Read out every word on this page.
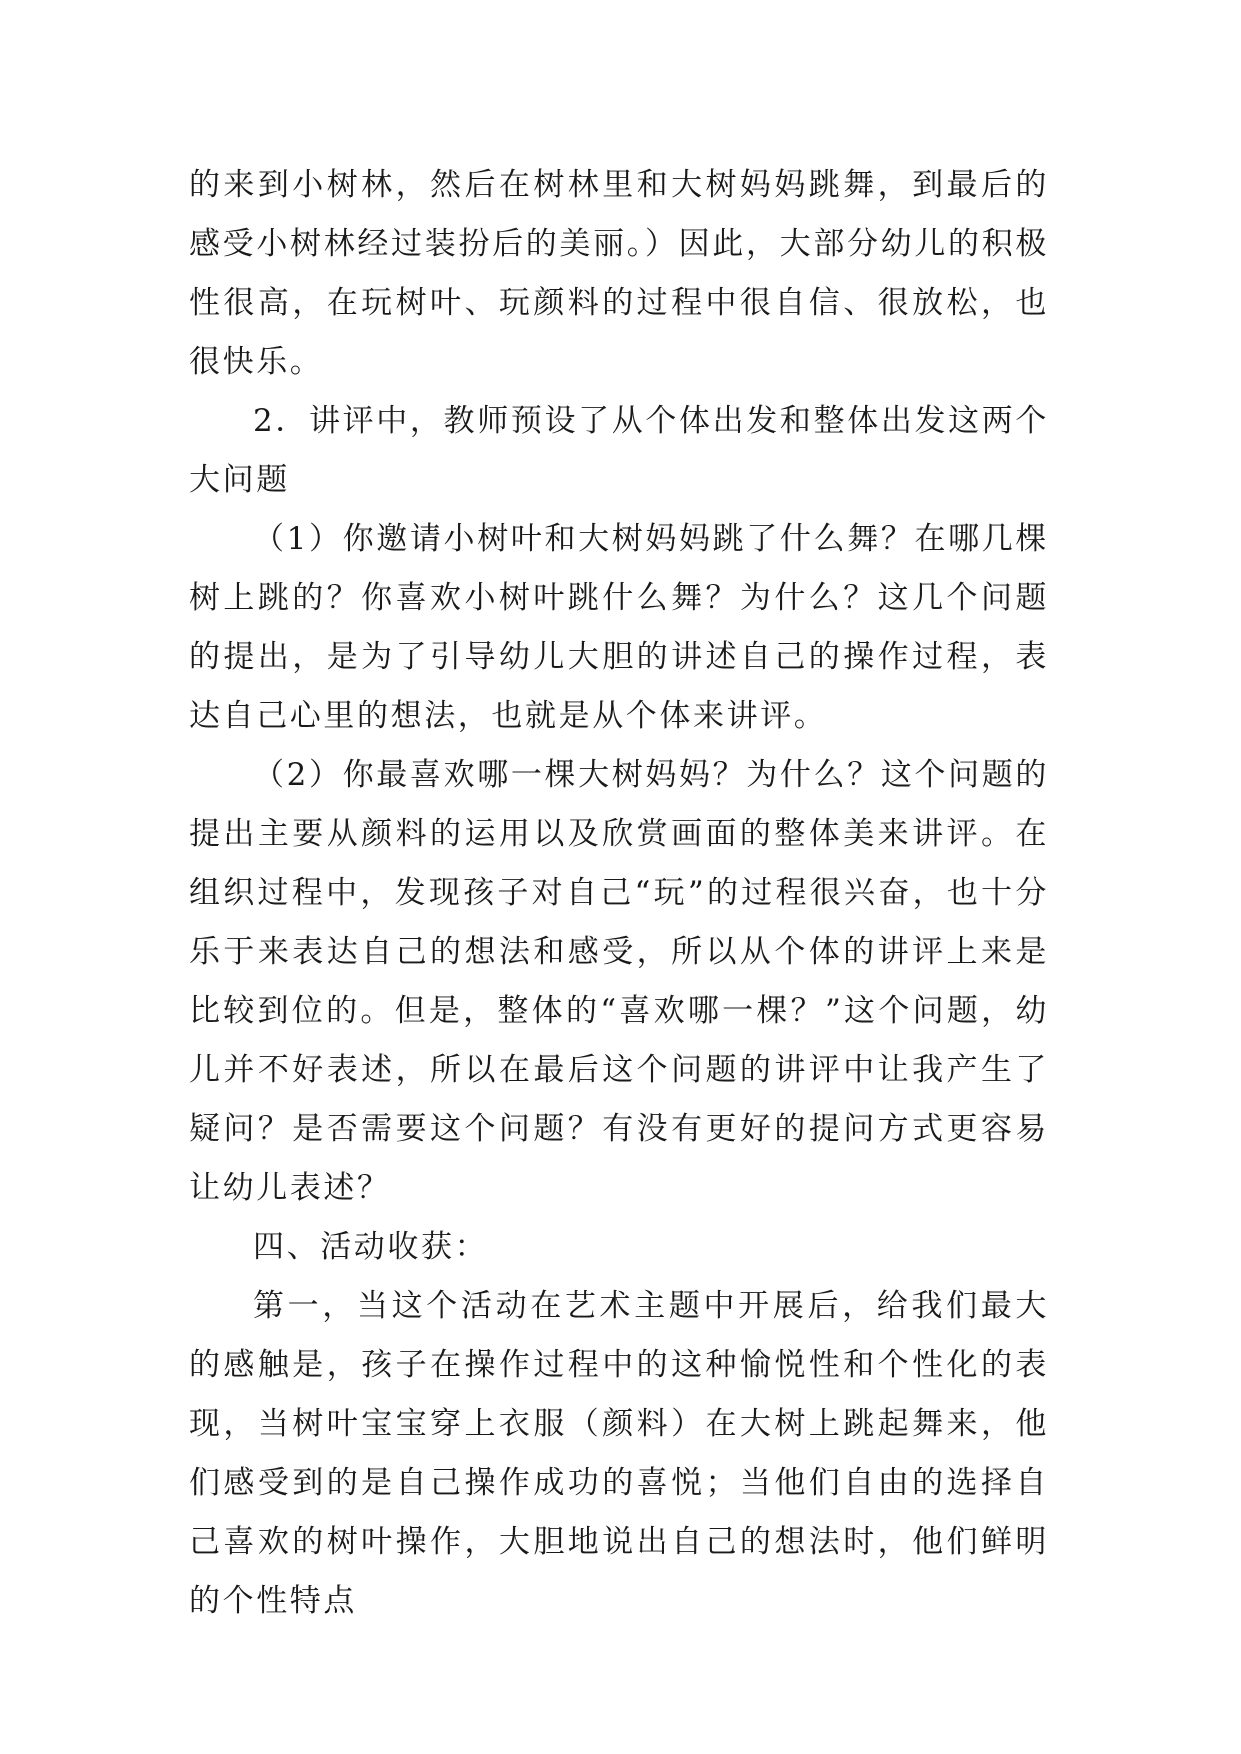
的来到小树林，然后在树林里和大树妈妈跳舞，到最后的感受小树林经过装扮后的美丽。）因此，大部分幼儿的积极性很高，在玩树叶、玩颜料的过程中很自信、很放松，也很快乐。

2．讲评中，教师预设了从个体出发和整体出发这两个大问题

（1）你邀请小树叶和大树妈妈跳了什么舞？在哪几棵树上跳的？你喜欢小树叶跳什么舞？为什么？这几个问题的提出，是为了引导幼儿大胆的讲述自己的操作过程，表达自己心里的想法，也就是从个体来讲评。

（2）你最喜欢哪一棵大树妈妈？为什么？这个问题的提出主要从颜料的运用以及欣赏画面的整体美来讲评。在组织过程中，发现孩子对自己“玩”的过程很兴奋，也十分乐于来表达自己的想法和感受，所以从个体的讲评上来是比较到位的。但是，整体的“喜欢哪一棵？”这个问题，幼儿并不好表述，所以在最后这个问题的讲评中让我产生了疑问？是否需要这个问题？有没有更好的提问方式更容易让幼儿表述？

四、活动收获：

第一，当这个活动在艺术主题中开展后，给我们最大的感触是，孩子在操作过程中的这种愉悦性和个性化的表现，当树叶宝宝穿上衣服（颜料）在大树上跳起舞来，他们感受到的是自己操作成功的喜悦；当他们自由的选择自己喜欢的树叶操作，大胆地说出自己的想法时，他们鲜明的个性特点
